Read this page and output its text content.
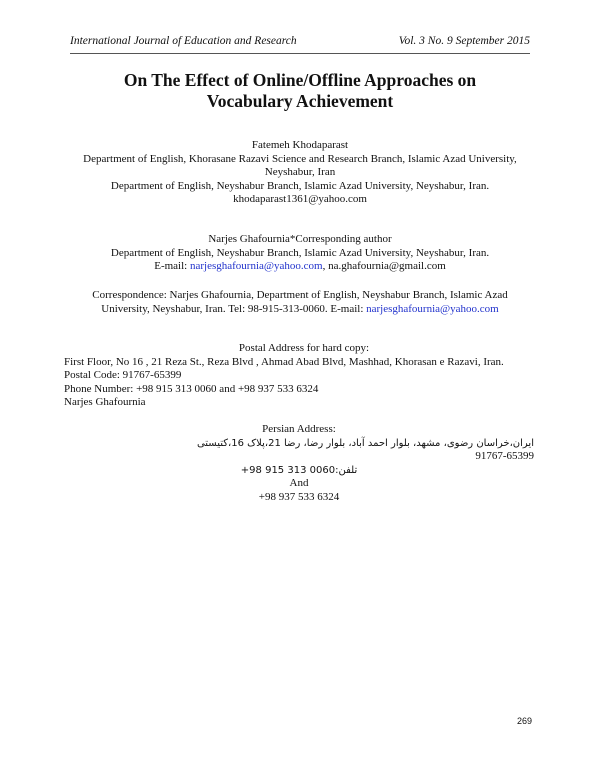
International Journal of Education and Research	Vol. 3 No. 9 September 2015
On The Effect of Online/Offline Approaches on
Vocabulary Achievement
Fatemeh Khodaparast
Department of English, Khorasane Razavi Science and Research Branch, Islamic Azad University,
Neyshabur, Iran
Department of English, Neyshabur Branch, Islamic Azad University, Neyshabur, Iran.
khodaparast1361@yahoo.com
Narjes Ghafournia*Corresponding author
Department of English, Neyshabur Branch, Islamic Azad University, Neyshabur, Iran.
E-mail: narjesghafournia@yahoo.com, na.ghafournia@gmail.com
Correspondence: Narjes Ghafournia, Department of English, Neyshabur Branch, Islamic Azad
University, Neyshabur, Iran. Tel: 98-915-313-0060. E-mail: narjesghafournia@yahoo.com
Postal Address for hard copy:
First Floor, No 16 , 21 Reza St., Reza Blvd , Ahmad Abad Blvd, Mashhad, Khorasan e Razavi, Iran.
Postal Code: 91767-65399
Phone Number: +98 915 313 0060 and +98 937 533 6324
Narjes Ghafournia
Persian Address:
ایران،خراسان رضوی، مشهد، بلوار احمد آباد، بلوار رضا، رضا 21،پلاک 16،کتیستی
91767-65399
تلفن:0060 313 915 98+
And
+98 937 533 6324
269
